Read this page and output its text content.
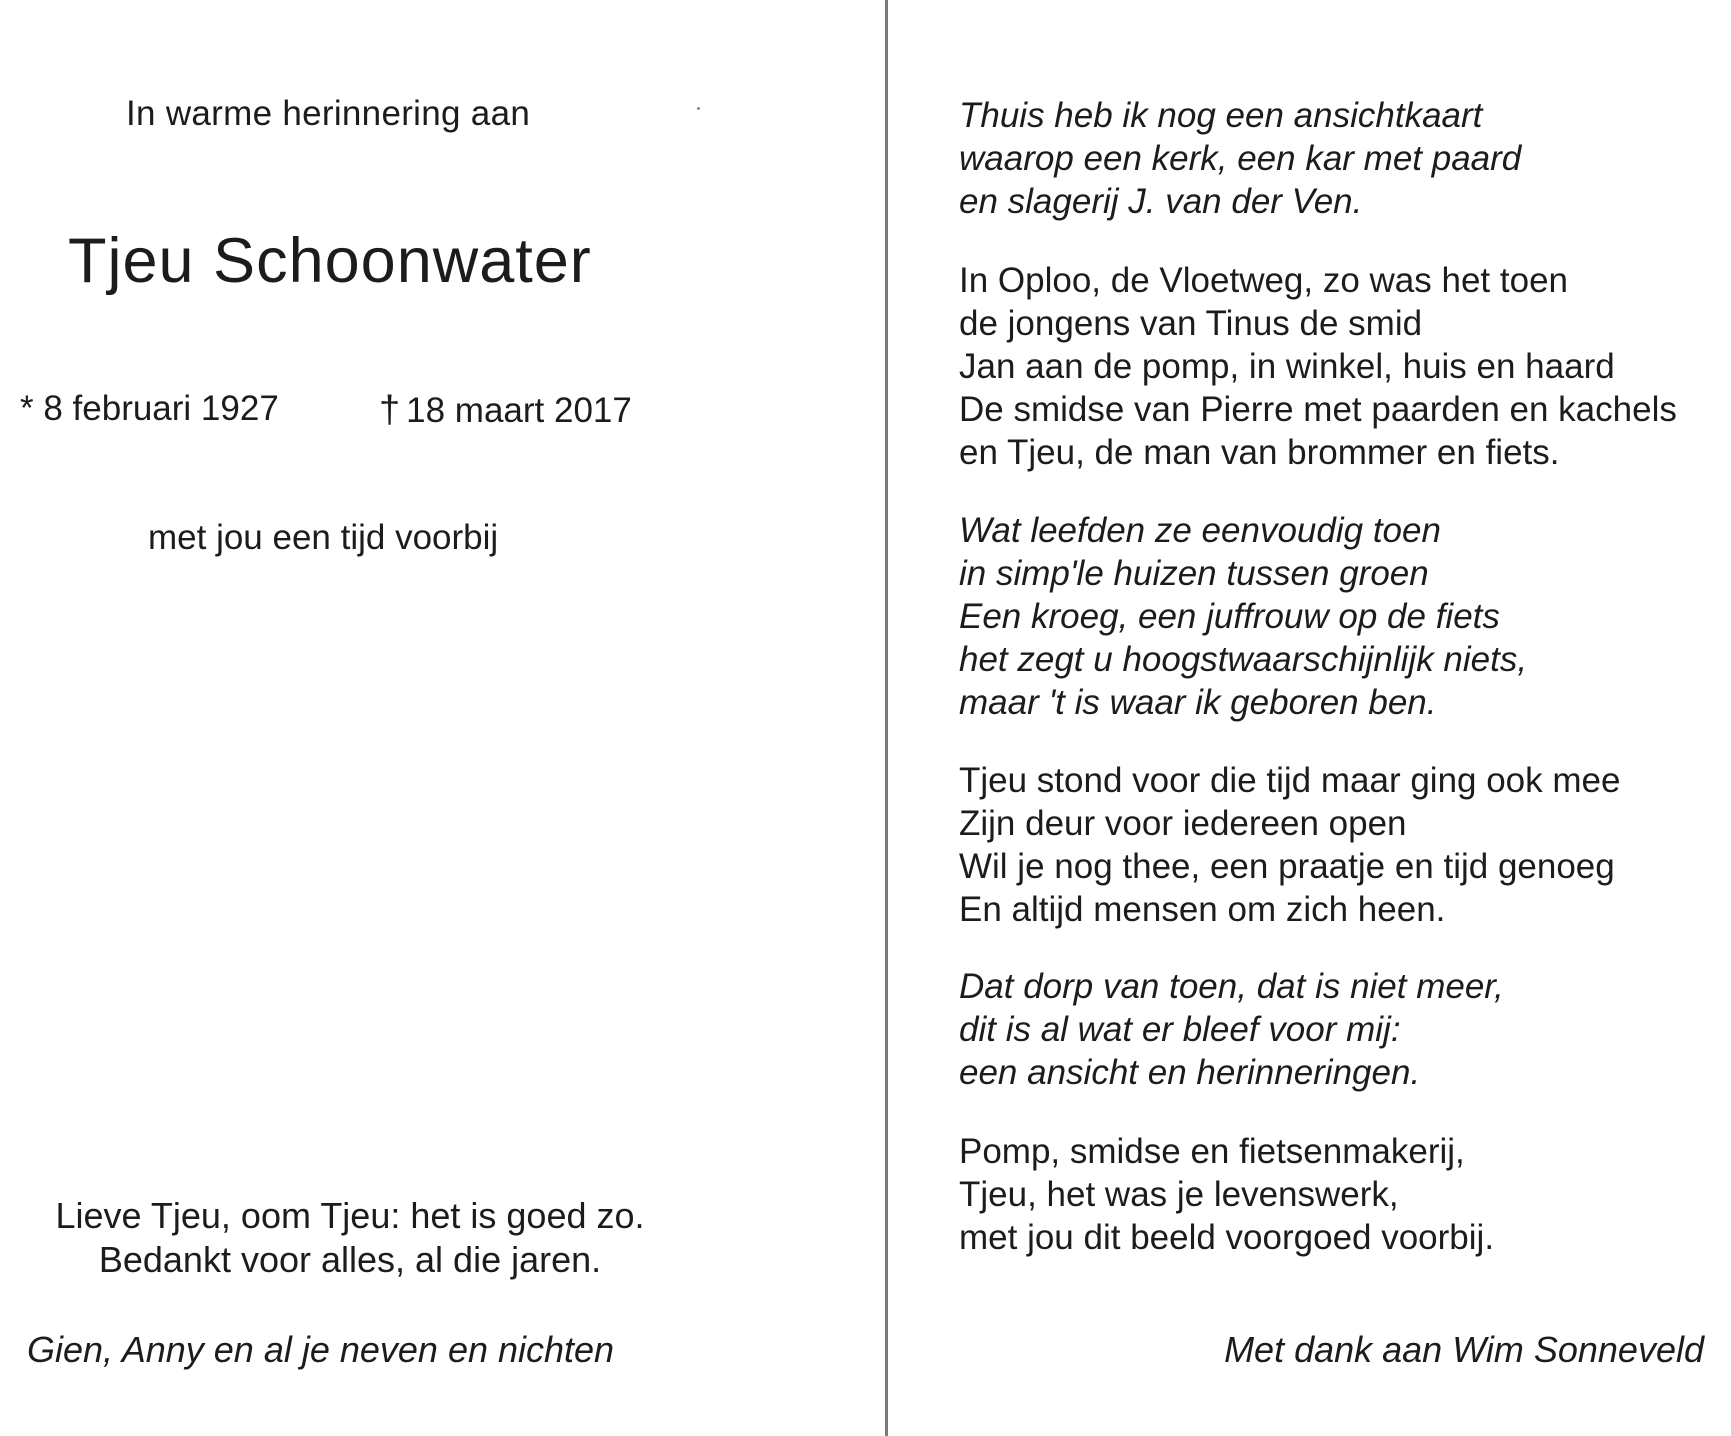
In warme herinnering aan
Tjeu Schoonwater
* 8 februari 1927	† 18 maart 2017
met jou een tijd voorbij
Lieve Tjeu, oom Tjeu: het is goed zo.
Bedankt voor alles, al die jaren.
Gien, Anny en al je neven en nichten
Thuis heb ik nog een ansichtkaart
waarop een kerk, een kar met paard
en slagerij J. van der Ven.
In Oploo, de Vloetweg, zo was het toen
de jongens van Tinus de smid
Jan aan de pomp, in winkel, huis en haard
De smidse van Pierre met paarden en kachels
en Tjeu, de man van brommer en fiets.
Wat leefden ze eenvoudig toen
in simp'le huizen tussen groen
Een kroeg, een juffrouw op de fiets
het zegt u hoogstwaarschijnlijk niets,
maar 't is waar ik geboren ben.
Tjeu stond voor die tijd maar ging ook mee
Zijn deur voor iedereen open
Wil je nog thee, een praatje en tijd genoeg
En altijd mensen om zich heen.
Dat dorp van toen, dat is niet meer,
dit is al wat er bleef voor mij:
een ansicht en herinneringen.
Pomp, smidse en fietsenmakerij,
Tjeu, het was je levenswerk,
met jou dit beeld voorgoed voorbij.
Met dank aan Wim Sonneveld
